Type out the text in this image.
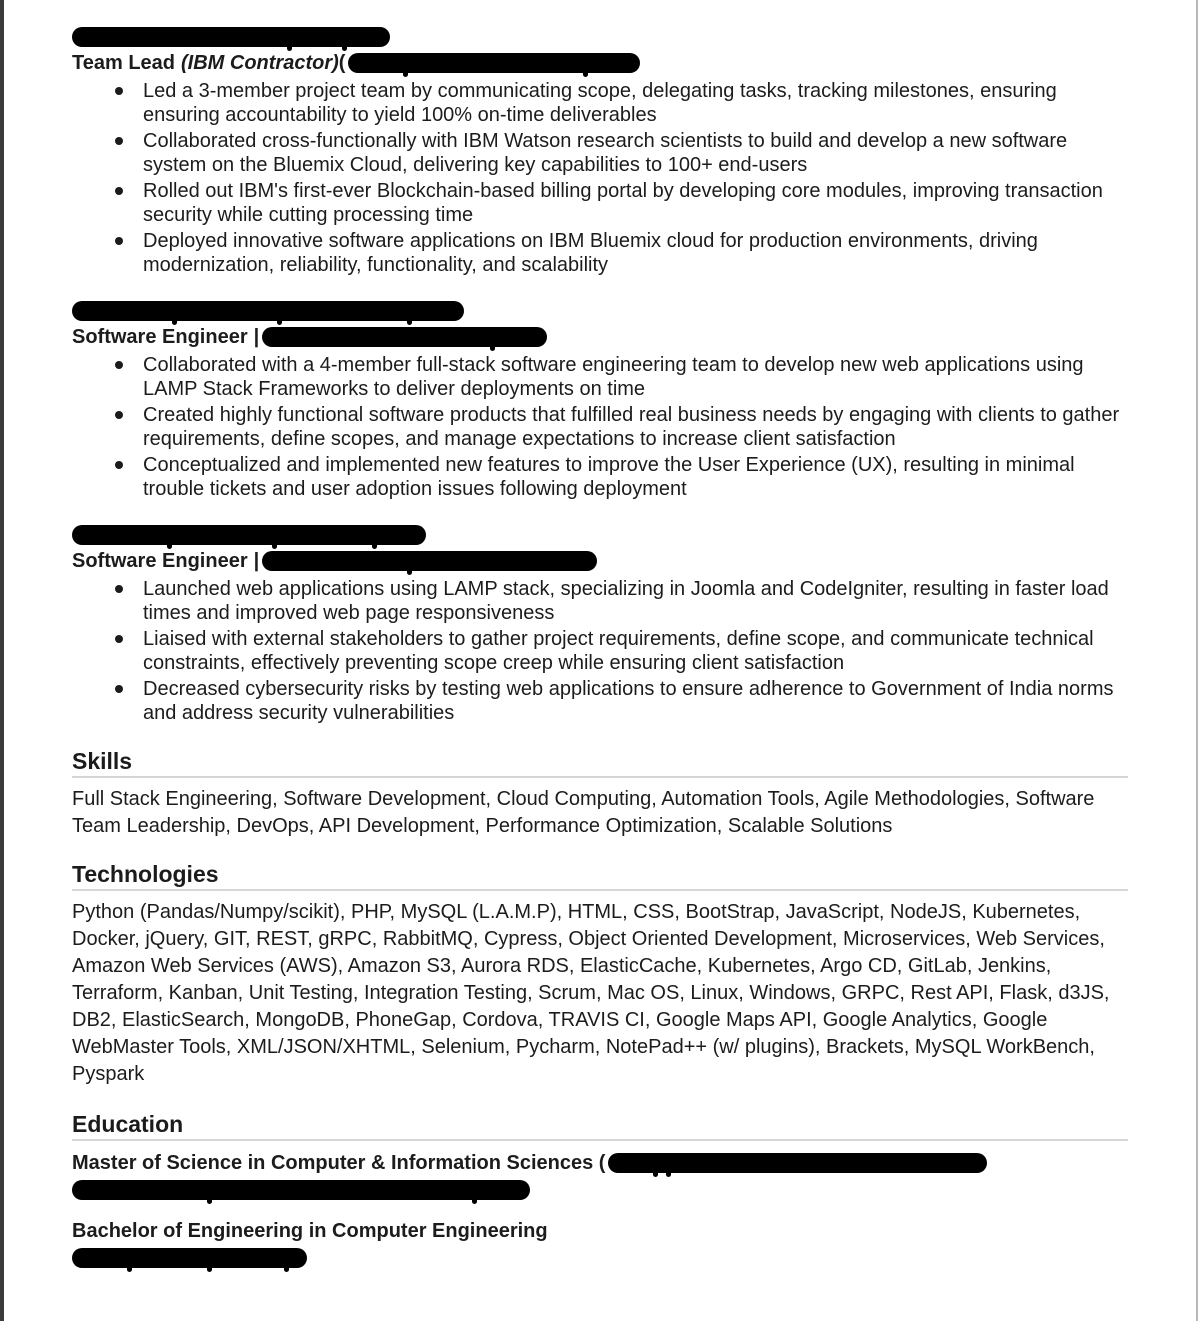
Team Lead (IBM Contractor)(
Led a 3-member project team by communicating scope, delegating tasks, tracking milestones, ensuring ensuring accountability to yield 100% on-time deliverables
Collaborated cross-functionally with IBM Watson research scientists to build and develop a new software system on the Bluemix Cloud, delivering key capabilities to 100+ end-users
Rolled out IBM's first-ever Blockchain-based billing portal by developing core modules, improving transaction security while cutting processing time
Deployed innovative software applications on IBM Bluemix cloud for production environments, driving modernization, reliability, functionality, and scalability
Software Engineer |
Collaborated with a 4-member full-stack software engineering team to develop new web applications using LAMP Stack Frameworks to deliver deployments on time
Created highly functional software products that fulfilled real business needs by engaging with clients to gather requirements, define scopes, and manage expectations to increase client satisfaction
Conceptualized and implemented new features to improve the User Experience (UX), resulting in minimal trouble tickets and user adoption issues following deployment
Software Engineer |
Launched web applications using LAMP stack, specializing in Joomla and CodeIgniter, resulting in faster load times and improved web page responsiveness
Liaised with external stakeholders to gather project requirements, define scope, and communicate technical constraints, effectively preventing scope creep while ensuring client satisfaction
Decreased cybersecurity risks by testing web applications to ensure adherence to Government of India norms and address security vulnerabilities
Skills

Full Stack Engineering, Software Development, Cloud Computing, Automation Tools, Agile Methodologies, Software Team Leadership, DevOps, API Development, Performance Optimization, Scalable Solutions

Technologies

Python (Pandas/Numpy/scikit), PHP, MySQL (L.A.M.P), HTML, CSS, BootStrap, JavaScript, NodeJS, Kubernetes, Docker, jQuery, GIT, REST, gRPC, RabbitMQ, Cypress, Object Oriented Development, Microservices, Web Services, Amazon Web Services (AWS), Amazon S3, Aurora RDS, ElasticCache, Kubernetes, Argo CD, GitLab, Jenkins, Terraform, Kanban, Unit Testing, Integration Testing, Scrum, Mac OS, Linux, Windows, GRPC, Rest API, Flask, d3JS, DB2, ElasticSearch, MongoDB, PhoneGap, Cordova, TRAVIS CI, Google Maps API, Google Analytics, Google WebMaster Tools, XML/JSON/XHTML, Selenium, Pycharm, NotePad++ (w/ plugins), Brackets, MySQL WorkBench, Pyspark

Education
Master of Science in Computer & Information Sciences (
Bachelor of Engineering in Computer Engineering
